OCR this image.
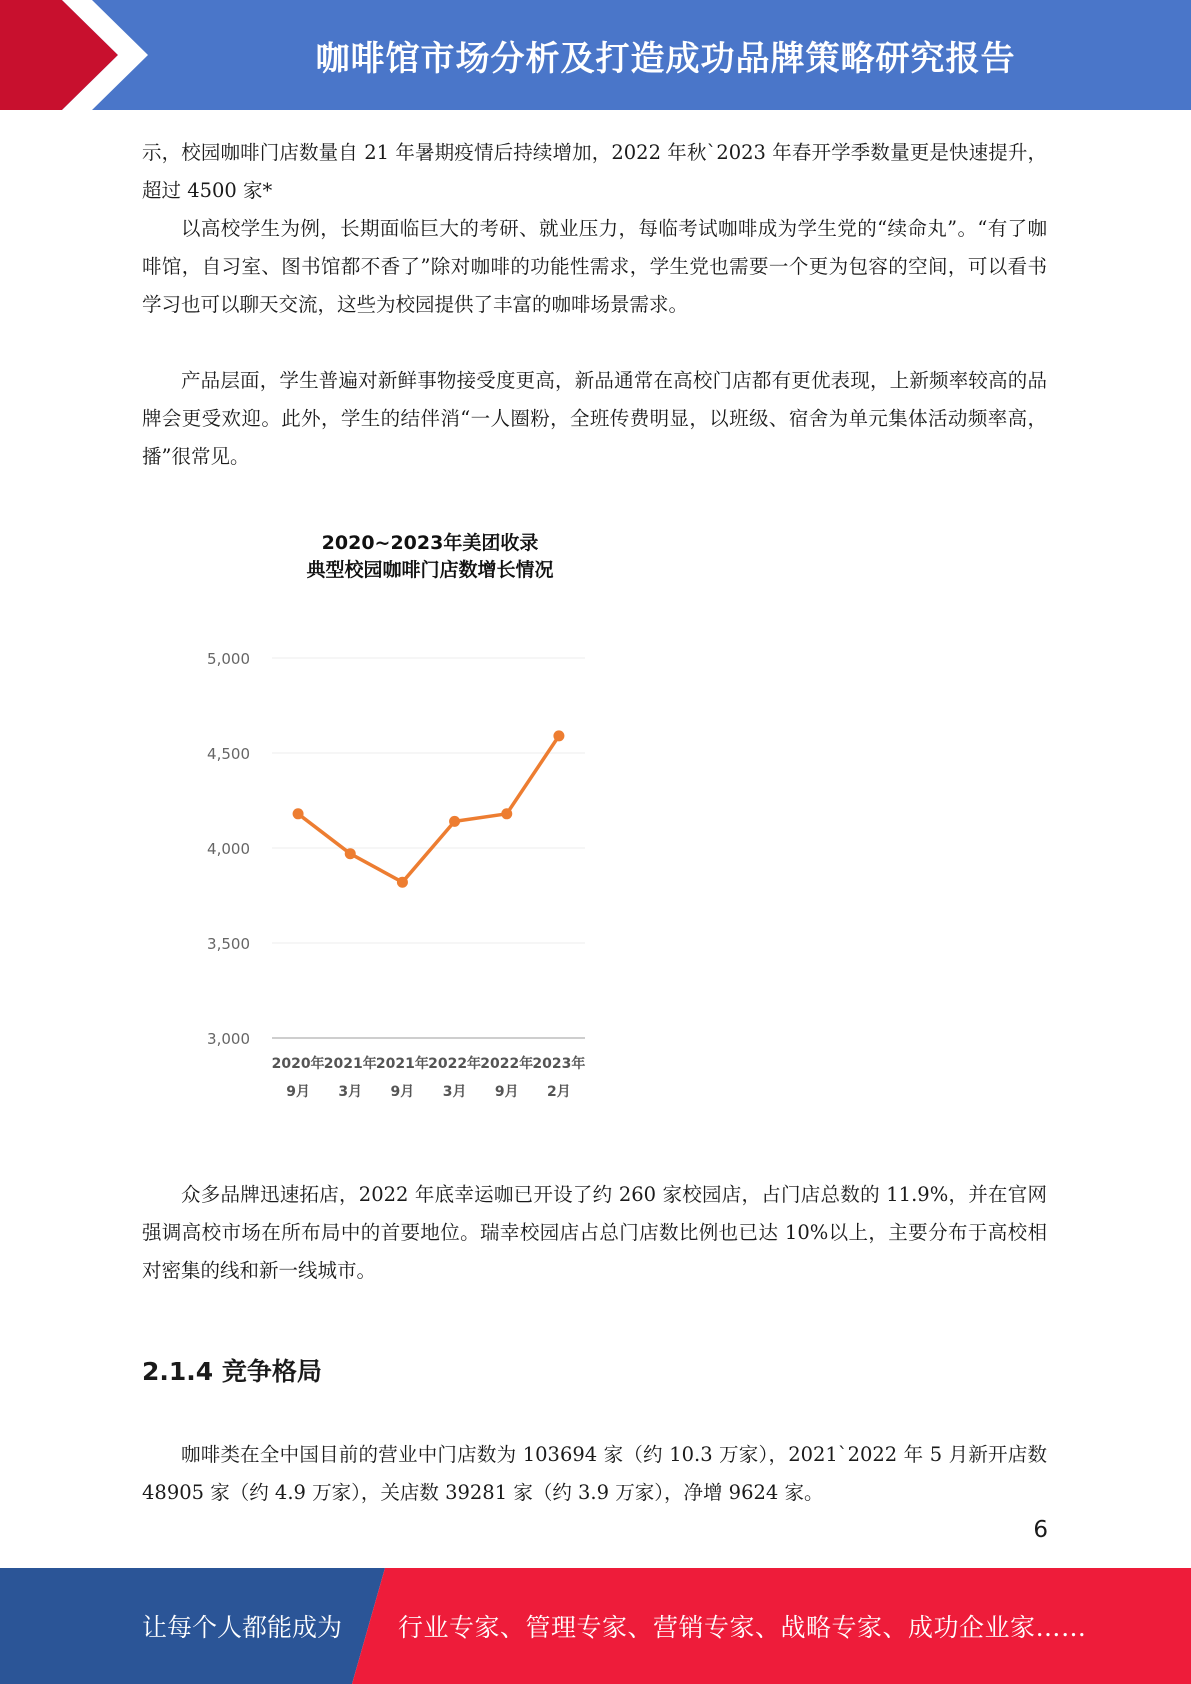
咖啡馆市场分析及打造成功品牌策略研究报告

示，校园咖啡门店数量自 21 年暑期疫情后持续增加，2022 年秋`2023 年春开学季数量更是快速提升，超过 4500 家*

以高校学生为例，长期面临巨大的考研、就业压力，每临考试咖啡成为学生党的“续命丸”。“有了咖啡馆，自习室、图书馆都不香了”除对咖啡的功能性需求，学生党也需要一个更为包容的空间，可以看书学习也可以聊天交流，这些为校园提供了丰富的咖啡场景需求。

产品层面，学生普遍对新鲜事物接受度更高，新品通常在高校门店都有更优表现，上新频率较高的品牌会更受欢迎。此外，学生的结伴消“一人圈粉，全班传费明显，以班级、宿舍为单元集体活动频率高，播”很常见。

2020~2023年美团收录
典型校园咖啡门店数增长情况
3,000
3,500
4,000
4,500
5,000
2020年
9月
2021年
3月
2021年
9月
2022年
3月
2022年
9月
2023年
2月

众多品牌迅速拓店，2022 年底幸运咖已开设了约 260 家校园店，占门店总数的 11.9%，并在官网强调高校市场在所布局中的首要地位。瑞幸校园店占总门店数比例也已达 10%以上，主要分布于高校相对密集的线和新一线城市。

2.1.4 竞争格局

咖啡类在全中国目前的营业中门店数为 103694 家（约 10.3 万家），2021`2022 年 5 月新开店数 48905 家（约 4.9 万家），关店数 39281 家（约 3.9 万家），净增 9624 家。

6
让每个人都能成为 行业专家、管理专家、营销专家、战略专家、成功企业家……
